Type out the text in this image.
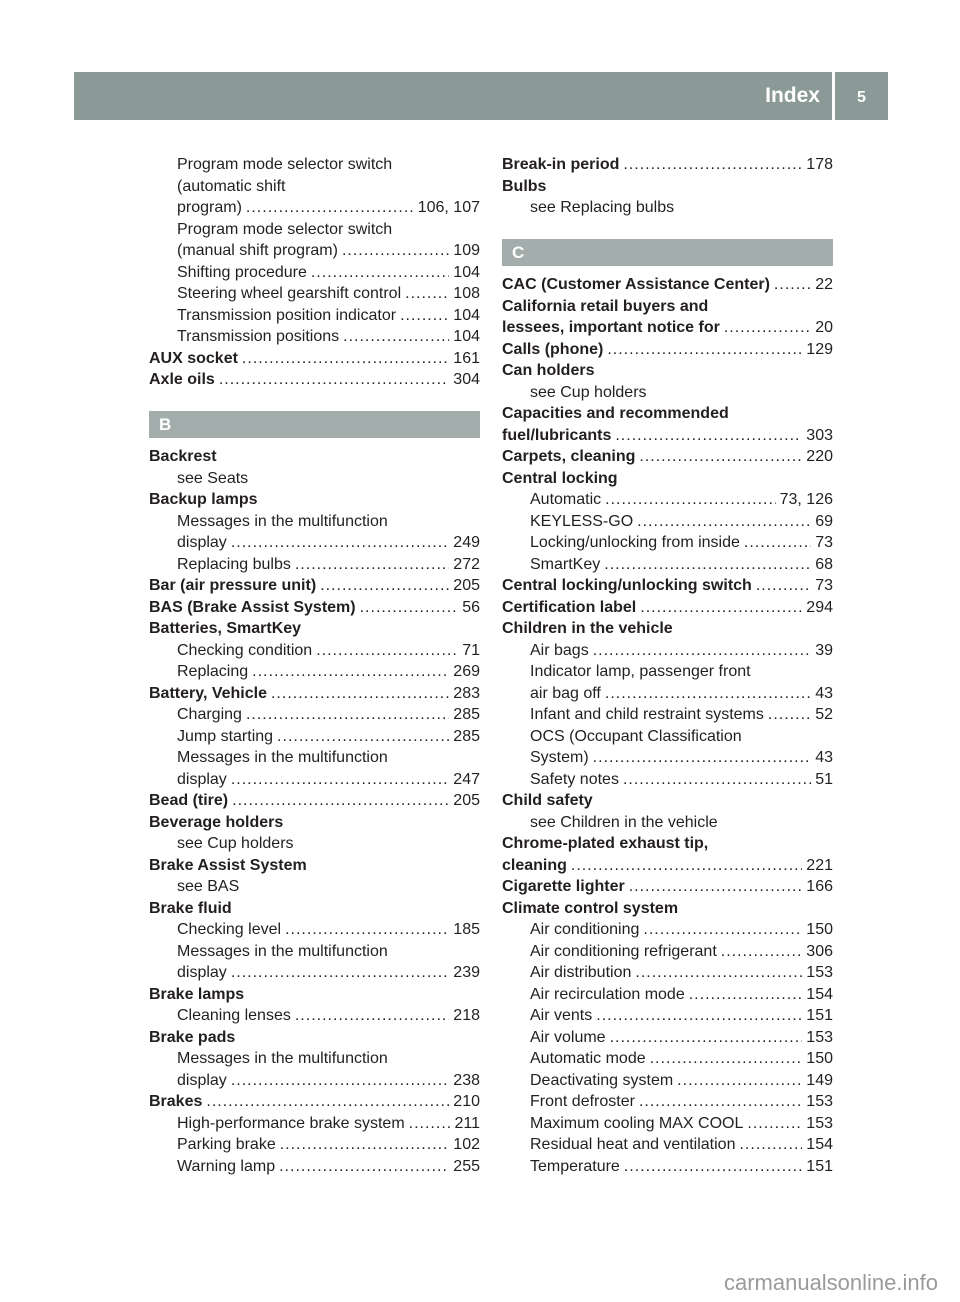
Index	5
Program mode selector switch
(automatic shift
program) .....	106, 107
Program mode selector switch
(manual shift program) .....	109
Shifting procedure .....	104
Steering wheel gearshift control .....	108
Transmission position indicator .....	104
Transmission positions .....	104
AUX socket .....	161
Axle oils .....	304
B
Backrest
see Seats
Backup lamps
Messages in the multifunction
display .....	249
Replacing bulbs .....	272
Bar (air pressure unit) .....	205
BAS (Brake Assist System) .....	56
Batteries, SmartKey
Checking condition .....	71
Replacing .....	269
Battery, Vehicle .....	283
Charging .....	285
Jump starting .....	285
Messages in the multifunction
display .....	247
Bead (tire) .....	205
Beverage holders
see Cup holders
Brake Assist System
see BAS
Brake fluid
Checking level .....	185
Messages in the multifunction
display .....	239
Brake lamps
Cleaning lenses .....	218
Brake pads
Messages in the multifunction
display .....	238
Brakes .....	210
High-performance brake system .....	211
Parking brake .....	102
Warning lamp .....	255
Break-in period .....	178
Bulbs
see Replacing bulbs
C
CAC (Customer Assistance Center) .....	22
California retail buyers and
lessees, important notice for .....	20
Calls (phone) .....	129
Can holders
see Cup holders
Capacities and recommended
fuel/lubricants .....	303
Carpets, cleaning .....	220
Central locking
Automatic .....	73, 126
KEYLESS-GO .....	69
Locking/unlocking from inside .....	73
SmartKey .....	68
Central locking/unlocking switch .....	73
Certification label .....	294
Children in the vehicle
Air bags .....	39
Indicator lamp, passenger front
air bag off .....	43
Infant and child restraint systems .....	52
OCS (Occupant Classification
System) .....	43
Safety notes .....	51
Child safety
see Children in the vehicle
Chrome-plated exhaust tip,
cleaning .....	221
Cigarette lighter .....	166
Climate control system
Air conditioning .....	150
Air conditioning refrigerant .....	306
Air distribution .....	153
Air recirculation mode .....	154
Air vents .....	151
Air volume .....	153
Automatic mode .....	150
Deactivating system .....	149
Front defroster .....	153
Maximum cooling MAX COOL .....	153
Residual heat and ventilation .....	154
Temperature .....	151
carmanualsonline.info
